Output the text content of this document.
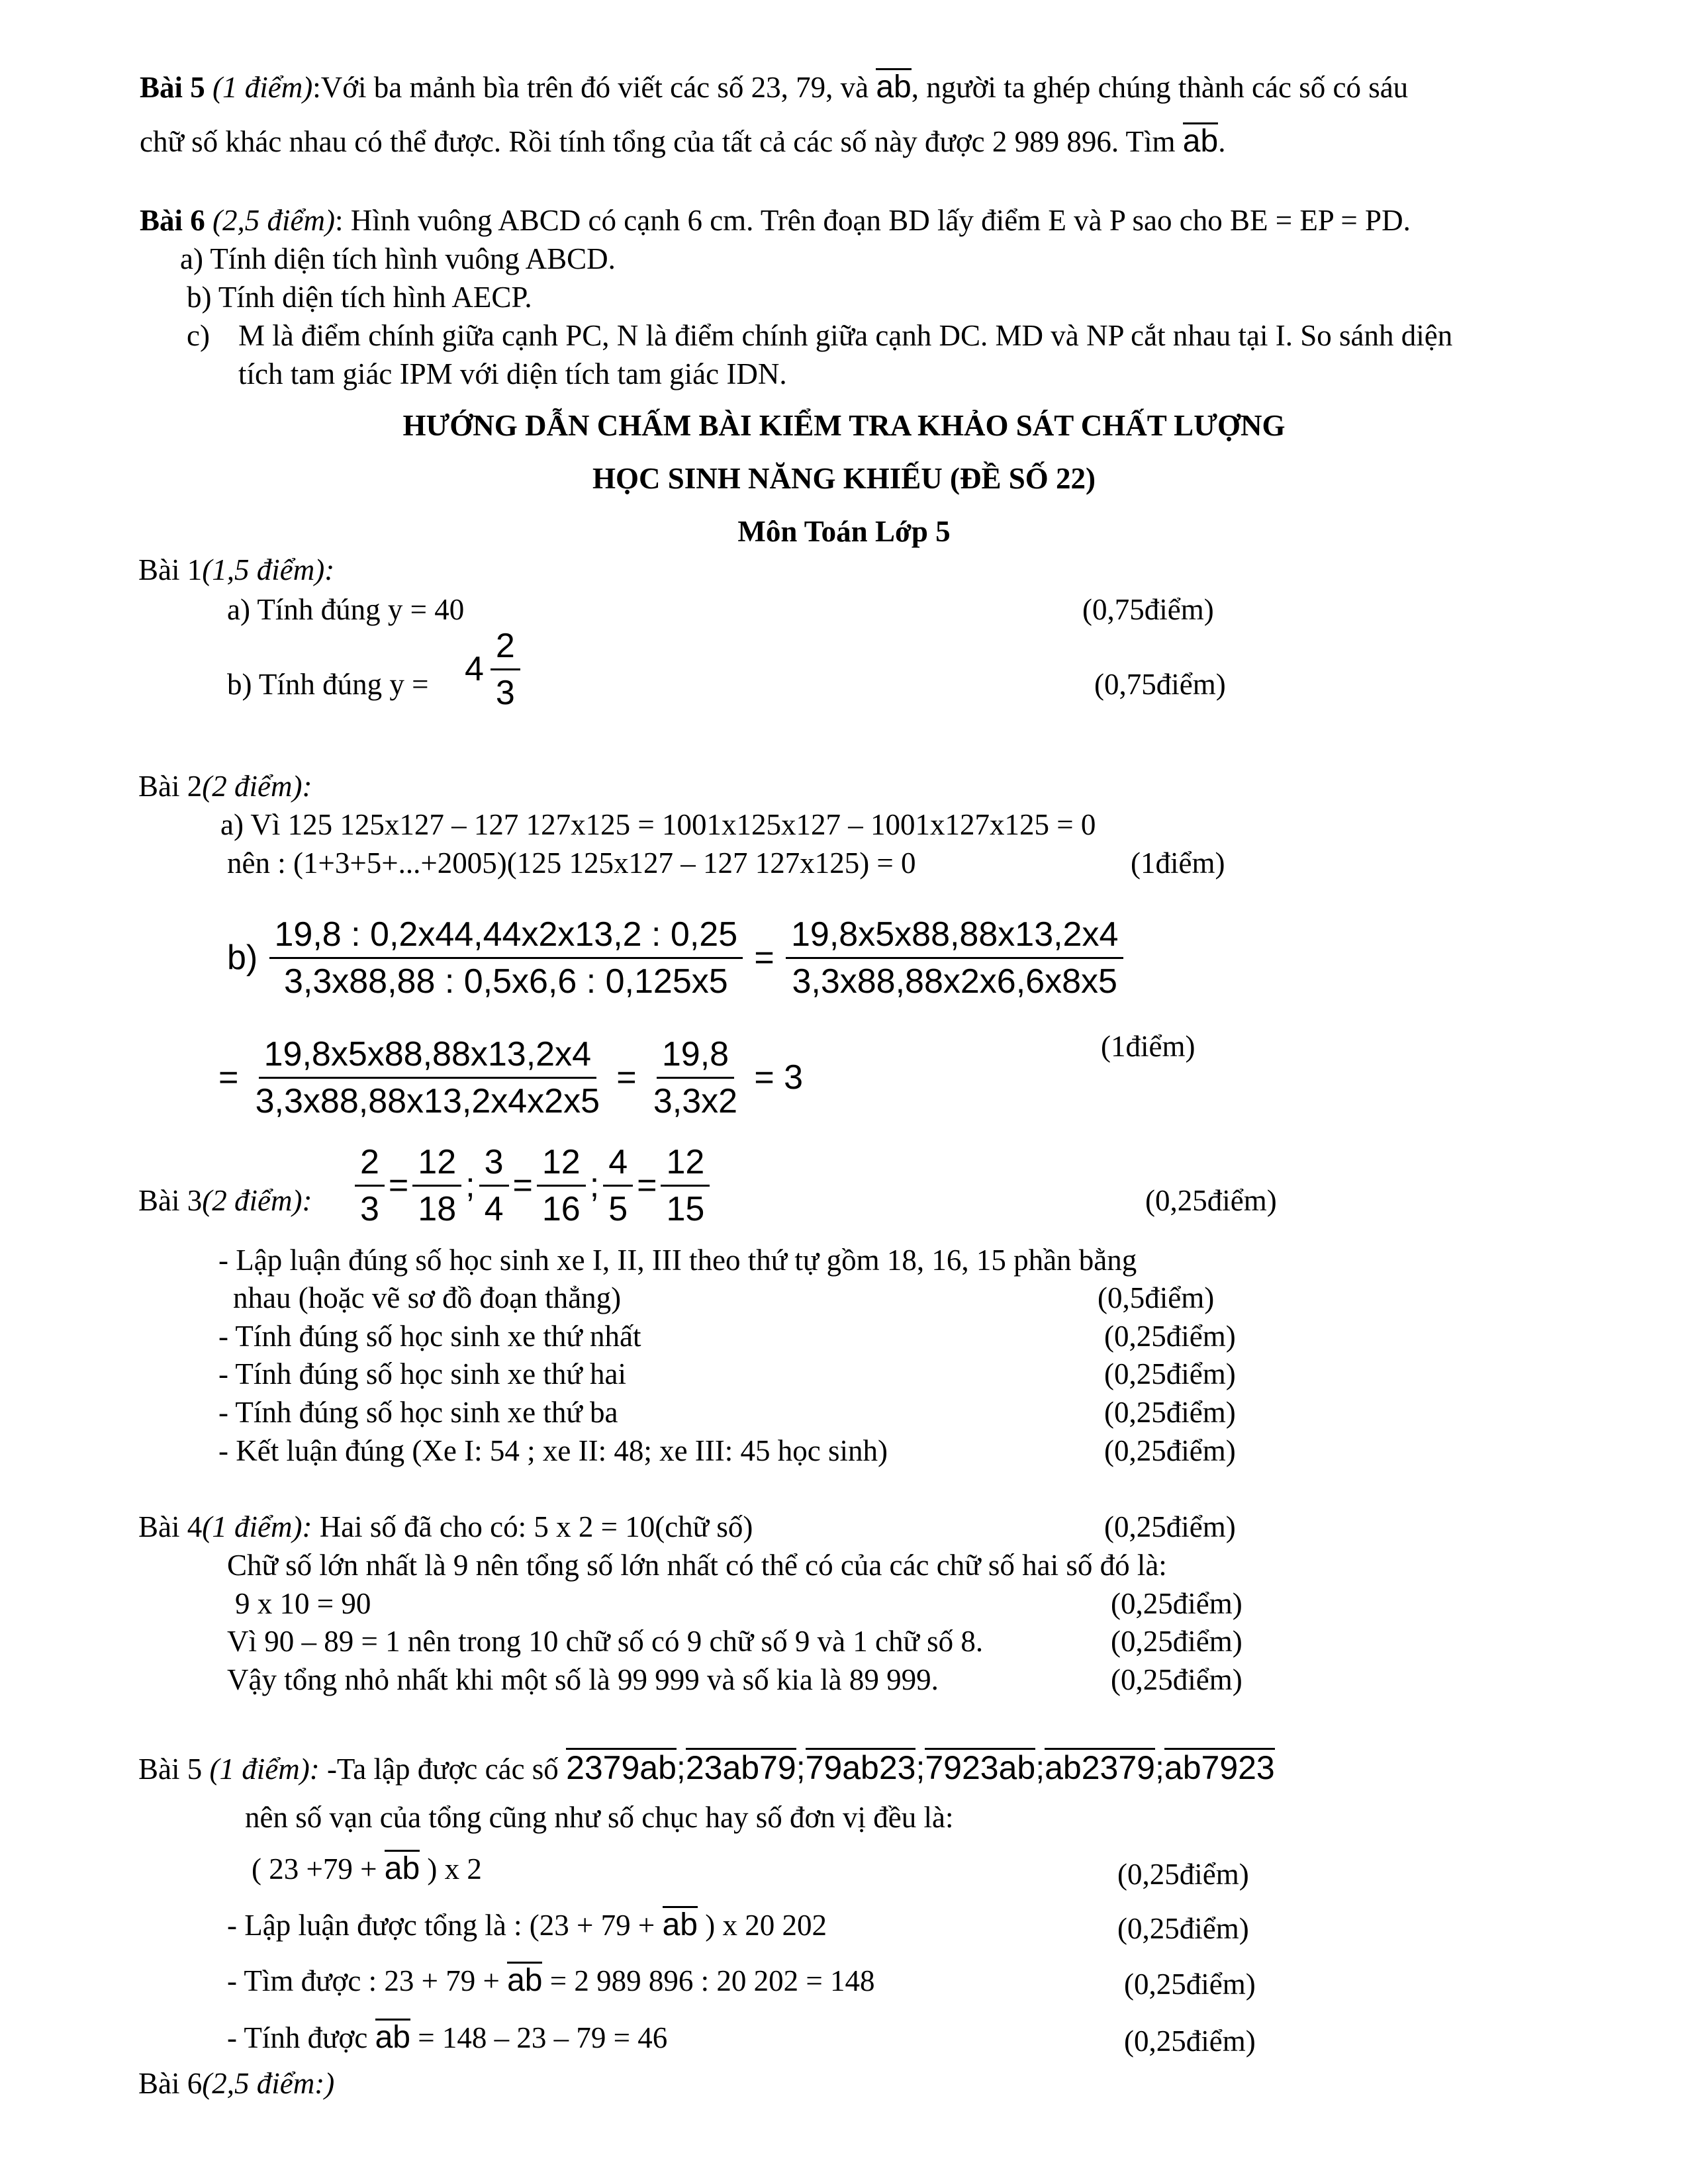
Bài 5 (1 điểm):Với ba mảnh bìa trên đó viết các số 23, 79, và ab, người ta ghép chúng thành các số có sáu
chữ số khác nhau có thể được. Rồi tính tổng của tất cả các số này được 2 989 896. Tìm ab.
Bài 6 (2,5 điểm): Hình vuông ABCD có cạnh 6 cm. Trên đoạn BD lấy điểm E và P sao cho BE = EP = PD.
a) Tính diện tích hình vuông ABCD.
b) Tính diện tích hình AECP.
c) M là điểm chính giữa cạnh PC, N là điểm chính giữa cạnh DC. MD và NP cắt nhau tại I. So sánh diện
tích tam giác IPM với diện tích tam giác IDN.
HƯỚNG DẪN CHẤM BÀI KIỂM TRA KHẢO SÁT CHẤT LƯỢNG
HỌC SINH NĂNG KHIẾU (ĐỀ SỐ 22)
Môn Toán Lớp 5
Bài 1(1,5 điểm):
a) Tính đúng y = 40	(0,75điểm)
b) Tính đúng $y = 4 \frac{2}{3}$	(0,75điểm)
Bài 2(2 điểm):
a) Vì 125 125x127 – 127 127x125 = 1001x125x127 – 1001x127x125 = 0
nên : (1+3+5+...+2005)(125 125x127 – 127 127x125) = 0	(1điểm)
$b) \frac{19,8 : 0,2x44,44x2x13,2 : 0,25}{3,3x88,88 : 0,5x6,6 : 0,125x5} = \frac{19,8x5x88,88x13,2x4}{3,3x88,88x2x6,6x8x5}$
(1điểm)
= $\frac{19,8x5x88,88x13,2x4}{3,3x88,88x13,2x4x2x5} = \frac{19,8}{3,3x2} = 3$
Bài 3(2 điểm): $\frac{2}{3} = \frac{12}{18}$ ; $\frac{3}{4} = \frac{12}{16}$ ; $\frac{4}{5} = \frac{12}{15}$	(0,25điểm)
- Lập luận đúng số học sinh xe I, II, III theo thứ tự gồm 18, 16, 15 phần bằng
nhau (hoặc vẽ sơ đồ đoạn thẳng)	(0,5điểm)
- Tính đúng số học sinh xe thứ nhất	(0,25điểm)
- Tính đúng số học sinh xe thứ hai	(0,25điểm)
- Tính đúng số học sinh xe thứ ba	(0,25điểm)
- Kết luận đúng (Xe I: 54 ; xe II: 48; xe III: 45 học sinh)	(0,25điểm)
Bài 4(1 điểm): Hai số đã cho có: 5 x 2 = 10(chữ số)	(0,25điểm)
Chữ số lớn nhất là 9 nên tổng số lớn nhất có thể có của các chữ số hai số đó là:
9 x 10 = 90	(0,25điểm)
Vì 90 – 89 = 1 nên trong 10 chữ số có 9 chữ số 9 và 1 chữ số 8.	(0,25điểm)
Vậy tổng nhỏ nhất khi một số là 99 999 và số kia là 89 999.	(0,25điểm)
Bài 5 (1 điểm): -Ta lập được các số 2379ab;23ab79;79ab23;7923ab;ab2379;ab7923
nên số vạn của tổng cũng như số chục hay số đơn vị đều là:
( 23 +79 + ab ) x 2	(0,25điểm)
- Lập luận được tổng là : (23 + 79 + ab ) x 20 202	(0,25điểm)
- Tìm được : 23 + 79 + ab = 2 989 896 : 20 202 = 148	(0,25điểm)
- Tính được ab = 148 – 23 – 79 = 46	(0,25điểm)
Bài 6(2,5 điểm:)
